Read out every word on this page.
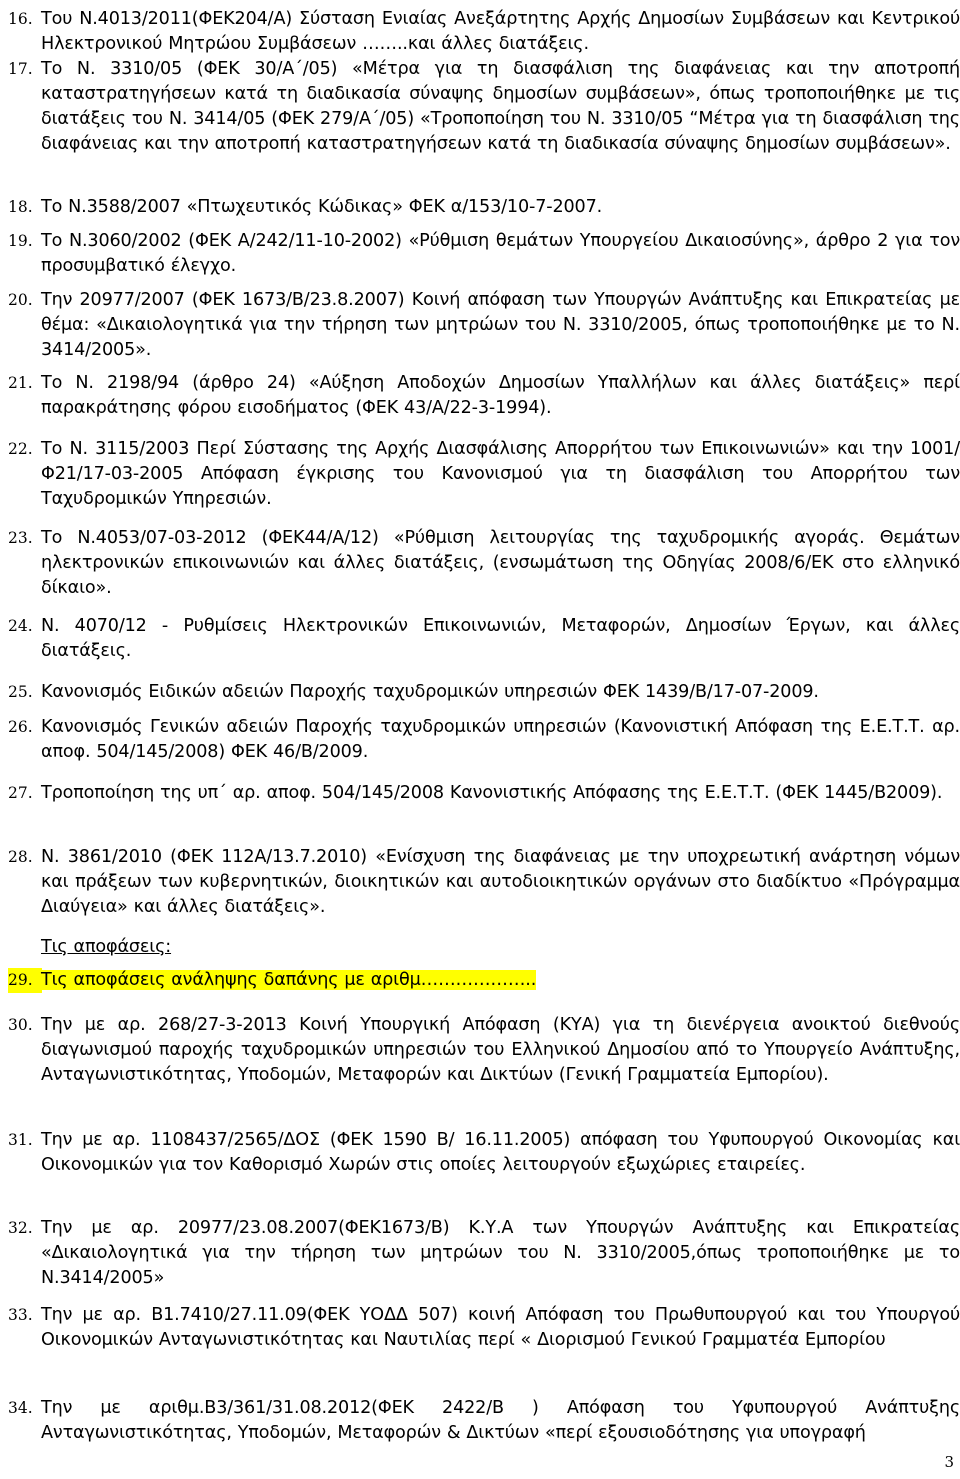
16. Του Ν.4013/2011(ΦΕΚ204/Α) Σύσταση Ενιαίας Ανεξάρτητης Αρχής Δημοσίων Συμβάσεων και Κεντρικού Ηλεκτρονικού Μητρώου Συμβάσεων ……..και άλλες διατάξεις.
17. Το Ν. 3310/05 (ΦΕΚ 30/Α΄/05) «Μέτρα για τη διασφάλιση της διαφάνειας και την αποτροπή καταστρατηγήσεων κατά τη διαδικασία σύναψης δημοσίων συμβάσεων», όπως τροποποιήθηκε με τις διατάξεις του Ν. 3414/05 (ΦΕΚ 279/Α΄/05) «Τροποποίηση του Ν. 3310/05 “Μέτρα για τη διασφάλιση της διαφάνειας και την αποτροπή καταστρατηγήσεων κατά τη διαδικασία σύναψης δημοσίων συμβάσεων».
18. Το Ν.3588/2007 «Πτωχευτικός Κώδικας» ΦΕΚ α/153/10-7-2007.
19. Το Ν.3060/2002 (ΦΕΚ Α/242/11-10-2002) «Ρύθμιση θεμάτων Υπουργείου Δικαιοσύνης», άρθρο 2 για τον προσυμβατικό έλεγχο.
20. Την 20977/2007 (ΦΕΚ 1673/Β/23.8.2007) Κοινή απόφαση των Υπουργών Ανάπτυξης και Επικρατείας με θέμα: «Δικαιολογητικά για την τήρηση των μητρώων του Ν. 3310/2005, όπως τροποποιήθηκε με το Ν. 3414/2005».
21. Το Ν. 2198/94 (άρθρο 24) «Αύξηση Αποδοχών Δημοσίων Υπαλλήλων και άλλες διατάξεις» περί παρακράτησης φόρου εισοδήματος (ΦΕΚ 43/Α/22-3-1994).
22. Το Ν. 3115/2003 Περί Σύστασης της Αρχής Διασφάλισης Απορρήτου των Επικοινωνιών» και την 1001/Φ21/17-03-2005 Απόφαση έγκρισης του Κανονισμού για τη διασφάλιση του Απορρήτου των Ταχυδρομικών Υπηρεσιών.
23. Το Ν.4053/07-03-2012 (ΦΕΚ44/Α/12) «Ρύθμιση λειτουργίας της ταχυδρομικής αγοράς. Θεμάτων ηλεκτρονικών επικοινωνιών και άλλες διατάξεις, (ενσωμάτωση της Οδηγίας 2008/6/ΕΚ στο ελληνικό δίκαιο».
24. Ν. 4070/12 - Ρυθμίσεις Ηλεκτρονικών Επικοινωνιών, Μεταφορών, Δημοσίων Έργων, και άλλες διατάξεις.
25. Κανονισμός Ειδικών αδειών Παροχής ταχυδρομικών υπηρεσιών ΦΕΚ 1439/Β/17-07-2009.
26. Κανονισμός Γενικών αδειών Παροχής ταχυδρομικών υπηρεσιών (Κανονιστική Απόφαση της Ε.Ε.Τ.Τ. αρ. αποφ. 504/145/2008) ΦΕΚ 46/Β/2009.
27. Τροποποίηση της υπ΄ αρ. αποφ. 504/145/2008 Κανονιστικής Απόφασης της Ε.Ε.Τ.Τ. (ΦΕΚ 1445/Β2009).
28. Ν. 3861/2010 (ΦΕΚ 112Α/13.7.2010) «Ενίσχυση της διαφάνειας με την υποχρεωτική ανάρτηση νόμων και πράξεων των κυβερνητικών, διοικητικών και αυτοδιοικητικών οργάνων στο διαδίκτυο «Πρόγραμμα Διαύγεια» και άλλες διατάξεις».
Τις αποφάσεις:
29. Τις αποφάσεις ανάληψης δαπάνης με αριθμ………………..
30. Την με αρ. 268/27-3-2013 Κοινή Υπουργική Απόφαση (ΚΥΑ) για τη διενέργεια ανοικτού διεθνούς διαγωνισμού παροχής ταχυδρομικών υπηρεσιών του Ελληνικού Δημοσίου από το Υπουργείο Ανάπτυξης, Ανταγωνιστικότητας, Υποδομών, Μεταφορών και Δικτύων (Γενική Γραμματεία Εμπορίου).
31. Την με αρ. 1108437/2565/ΔΟΣ (ΦΕΚ 1590 Β/ 16.11.2005) απόφαση του Υφυπουργού Οικονομίας και Οικονομικών για τον Καθορισμό Χωρών στις οποίες λειτουργούν εξωχώριες εταιρείες.
32. Την με αρ. 20977/23.08.2007(ΦΕΚ1673/Β) Κ.Υ.Α των Υπουργών Ανάπτυξης και Επικρατείας «Δικαιολογητικά για την τήρηση των μητρώων του Ν. 3310/2005,όπως τροποποιήθηκε με το Ν.3414/2005»
33. Την με αρ. Β1.7410/27.11.09(ΦΕΚ ΥΟΔΔ 507) κοινή Απόφαση του Πρωθυπουργού και του Υπουργού Οικονομικών Ανταγωνιστικότητας και Ναυτιλίας περί « Διορισμού Γενικού Γραμματέα Εμπορίου
34. Την με αριθμ.Β3/361/31.08.2012(ΦΕΚ 2422/Β ) Απόφαση του Υφυπουργού Ανάπτυξης Ανταγωνιστικότητας, Υποδομών, Μεταφορών & Δικτύων «περί εξουσιοδότησης για υπογραφή
3
